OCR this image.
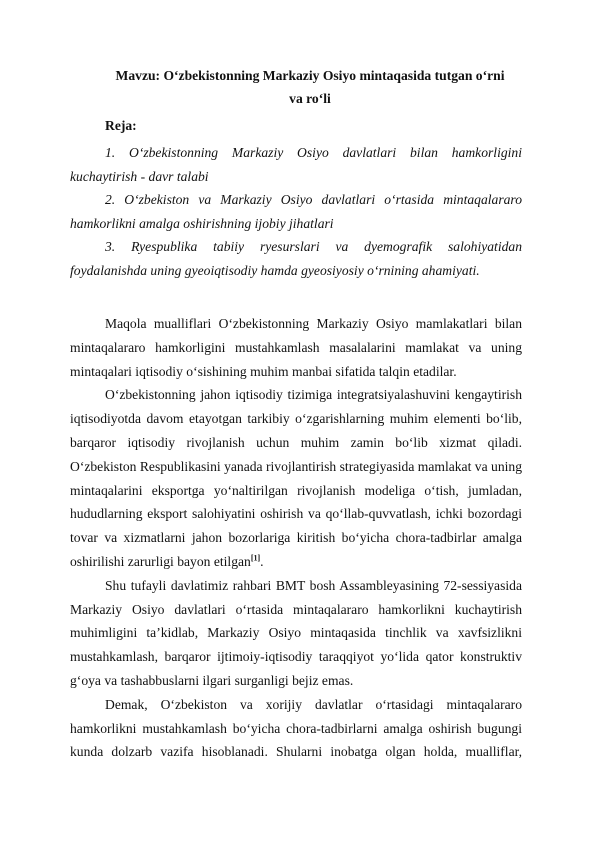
Mavzu: O‘zbekistonning Markaziy Osiyo mintaqasida tutgan o‘rni
va ro‘li
Reja:
1. O‘zbekistonning Markaziy Osiyo davlatlari bilan hamkorligini kuchaytirish - davr talabi
2. O‘zbekiston va Markaziy Osiyo davlatlari o‘rtasida mintaqalararo hamkorlikni amalga oshirishning ijobiy jihatlari
3. Ryespublika tabiiy ryesurslari va dyemografik salohiyatidan foydalanishda uning gyeoiqtisodiy hamda gyeosiyosiy o‘rnining ahamiyati.

Maqola mualliflari O‘zbekistonning Markaziy Osiyo mamlakatlari bilan mintaqalararo hamkorligini mustahkamlash masalalarini mamlakat va uning mintaqalari iqtisodiy o‘sishining muhim manbai sifatida talqin etadilar.

O‘zbekistonning jahon iqtisodiy tizimiga integratsiyalashuvini kengaytirish iqtisodiyotda davom etayotgan tarkibiy o‘zgarishlarning muhim elementi bo‘lib, barqaror iqtisodiy rivojlanish uchun muhim zamin bo‘lib xizmat qiladi. O‘zbekiston Respublikasini yanada rivojlantirish strategiyasida mamlakat va uning mintaqalarini eksportga yo‘naltirilgan rivojlanish modeliga o‘tish, jumladan, hududlarning eksport salohiyatini oshirish va qo‘llab-quvvatlash, ichki bozordagi tovar va xizmatlarni jahon bozorlariga kiritish bo‘yicha chora-tadbirlar amalga oshirilishi zarurligi bayon etilgan[1].

Shu tufayli davlatimiz rahbari BMT bosh Assambleyasining 72-sessiyasida Markaziy Osiyo davlatlari o‘rtasida mintaqalararo hamkorlikni kuchaytirish muhimligini ta’kidlab, Markaziy Osiyo mintaqasida tinchlik va xavfsizlikni mustahkamlash, barqaror ijtimoiy-iqtisodiy taraqqiyot yo‘lida qator konstruktiv g‘oya va tashabbuslarni ilgari surganligi bejiz emas.

Demak, O‘zbekiston va xorijiy davlatlar o‘rtasidagi mintaqalararo hamkorlikni mustahkamlash bo‘yicha chora-tadbirlarni amalga oshirish bugungi kunda dolzarb vazifa hisoblanadi. Shularni inobatga olgan holda, mualliflar,
